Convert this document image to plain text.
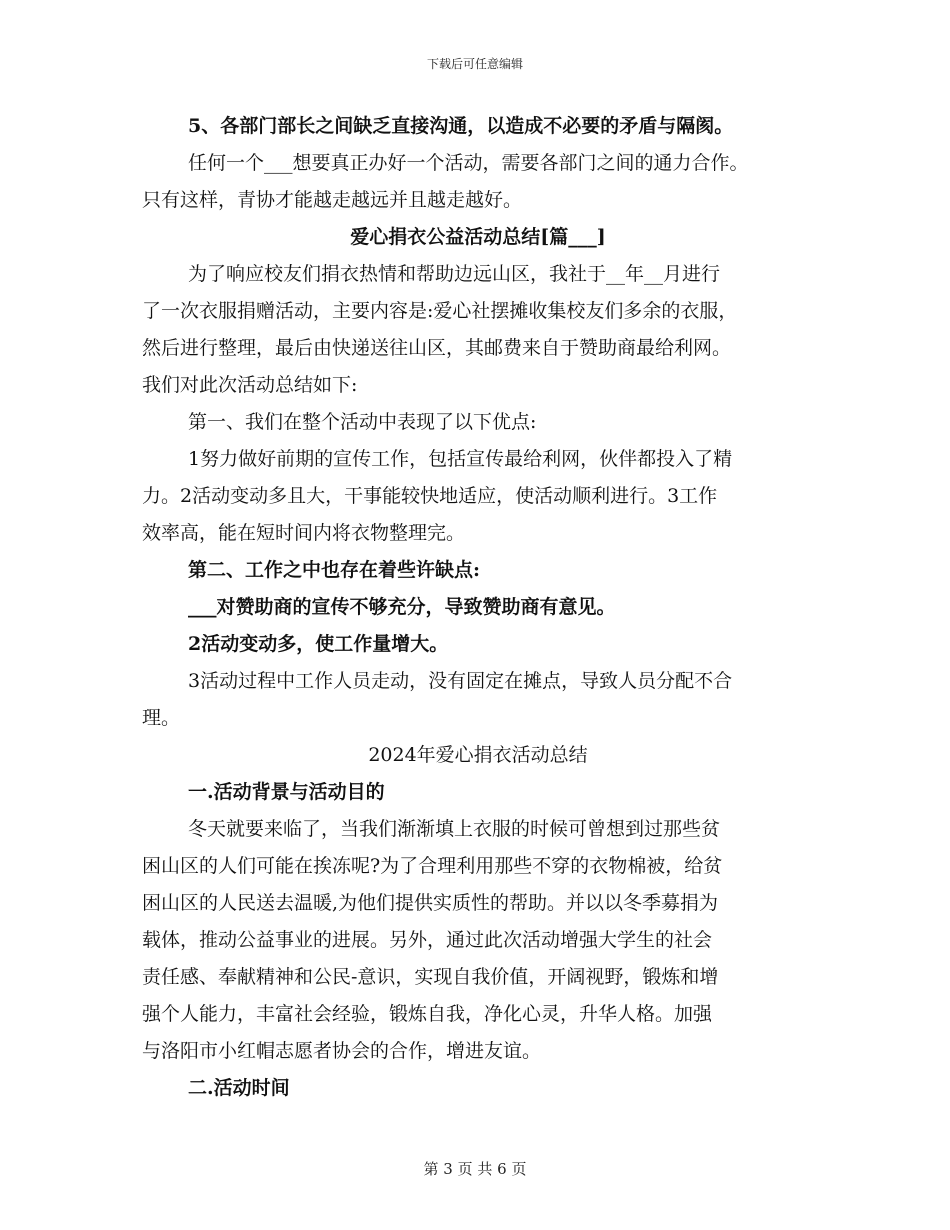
下载后可任意编辑
5、各部门部长之间缺乏直接沟通，以造成不必要的矛盾与隔阂。
任何一个___想要真正办好一个活动，需要各部门之间的通力合作。
只有这样，青协才能越走越远并且越走越好。
爱心捐衣公益活动总结[篇___]
为了响应校友们捐衣热情和帮助边远山区，我社于__年__月进行
了一次衣服捐赠活动，主要内容是:爱心社摆摊收集校友们多余的衣服，
然后进行整理，最后由快递送往山区，其邮费来自于赞助商最给利网。
我们对此次活动总结如下:
第一、我们在整个活动中表现了以下优点:
1努力做好前期的宣传工作，包括宣传最给利网，伙伴都投入了精
力。2活动变动多且大，干事能较快地适应，使活动顺利进行。3工作
效率高，能在短时间内将衣物整理完。
第二、工作之中也存在着些许缺点:
___对赞助商的宣传不够充分，导致赞助商有意见。
2活动变动多，使工作量增大。
3活动过程中工作人员走动，没有固定在摊点，导致人员分配不合
理。
2024年爱心捐衣活动总结
一.活动背景与活动目的
冬天就要来临了，当我们渐渐填上衣服的时候可曾想到过那些贫
困山区的人们可能在挨冻呢?为了合理利用那些不穿的衣物棉被，给贫
困山区的人民送去温暖,为他们提供实质性的帮助。并以以冬季募捐为
载体，推动公益事业的进展。另外，通过此次活动增强大学生的社会
责任感、奉献精神和公民-意识，实现自我价值，开阔视野，锻炼和增
强个人能力，丰富社会经验，锻炼自我，净化心灵，升华人格。加强
与洛阳市小红帽志愿者协会的合作，增进友谊。
二.活动时间
第 3 页 共 6 页
